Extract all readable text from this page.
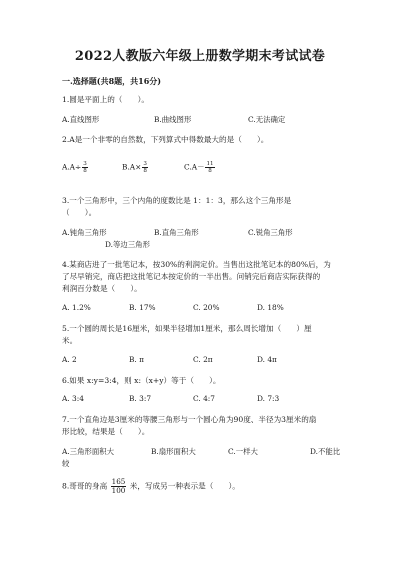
2022人教版六年级上册数学期末考试试卷
一.选择题(共8题，共16分)
1.圆是平面上的（　　）。
A.直线图形	B.曲线图形	C.无法确定
2.A是一个非零的自然数，下列算式中得数最大的是（　　）。
$A.A\div \frac{3}{8}$	$B.A\times \frac{3}{8}$	$C.A- \frac{11}{8}$
3.一个三角形中，三个内角的度数比是 1：1：3，那么这个三角形是
（　　）。
A.钝角三角形	B.直角三角形	C.锐角三角形
D.等边三角形
4.某商店进了一批笔记本，按30%的利润定价。当售出这批笔记本的80%后，为
了尽早销完，商店把这批笔记本按定价的一半出售。问销完后商店实际获得的
利润百分数是（　　）。
A. 1.2%	B. 17%	C. 20%	D. 18%
5.一个圆的周长是16厘米，如果半径增加1厘米，那么周长增加（　　）厘
米。
A. 2	B. π	C. 2π	D. 4π
6.如果 x:y=3:4，则 x:（x+y）等于（　　）。
A. 3:4	B. 3:7	C. 4:7	D. 7:3
7.一个直角边是3厘米的等腰三角形与一个圆心角为90度、半径为3厘米的扇
形比较，结果是（　　）。
A.三角形面积大	B.扇形面积大	C.一样大	D.不能比
较
8.哥哥的身高 $\frac{165}{100}$ 米，写成另一种表示是（　　）。
